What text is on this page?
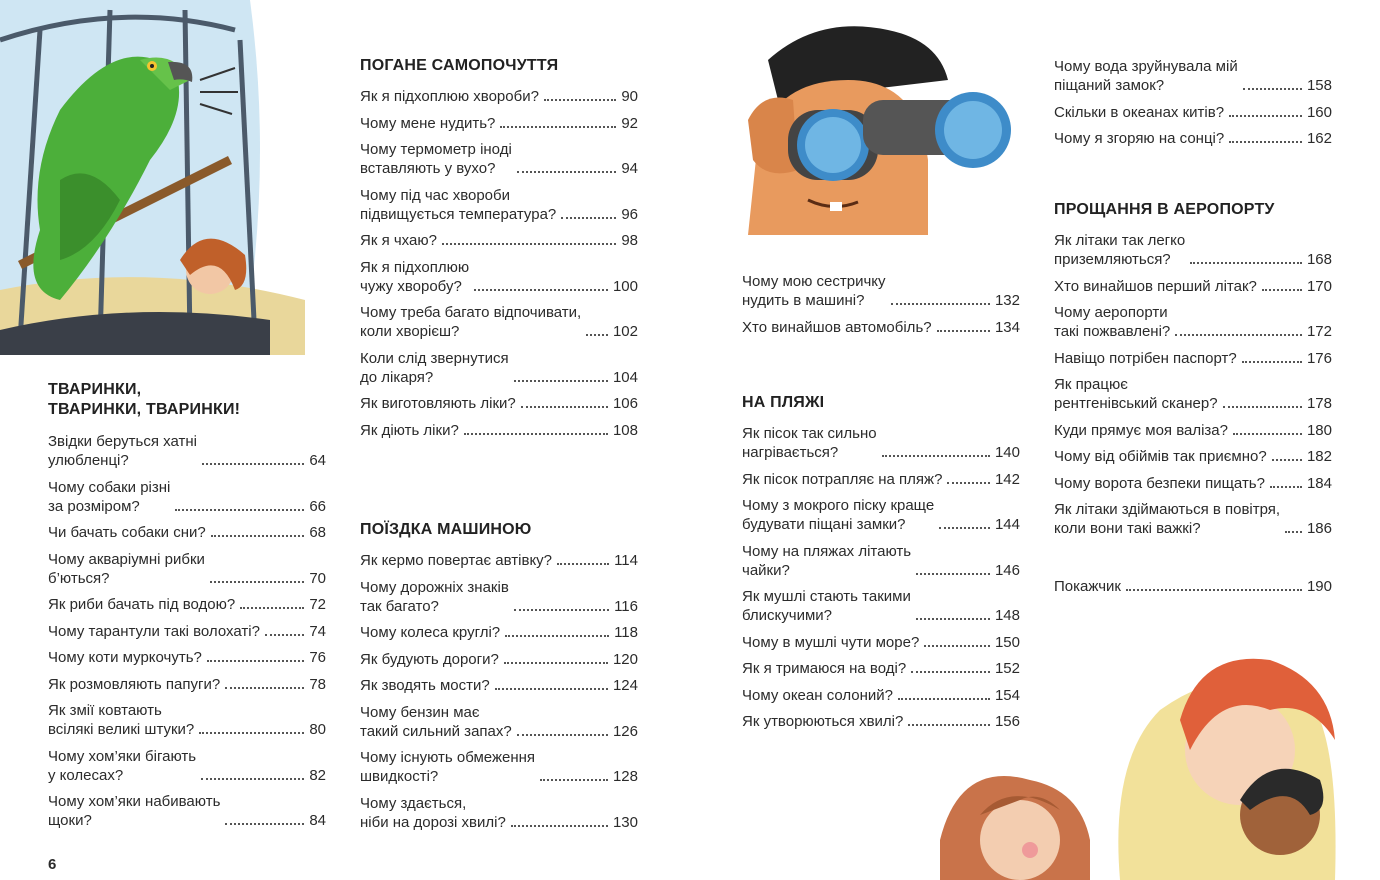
ТВАРИНКИ,
ТВАРИНКИ, ТВАРИНКИ!
Звідки беруться хатні
улюбленці?	64
Чому собаки різні
за розміром?	66
Чи бачать собаки сни?	68
Чому акваріумні рибки
б’ються?	70
Як риби бачать під водою?	72
Чому тарантули такі волохаті?	74
Чому коти муркочуть?	76
Як розмовляють папуги?	78
Як змії ковтають
всілякі великі штуки?	80
Чому хом’яки бігають
у колесах?	82
Чому хом’яки набивають
щоки?	84
ПОГАНЕ САМОПОЧУТТЯ
Як я підхоплюю хвороби?	90
Чому мене нудить?	92
Чому термометр іноді
вставляють у вухо?	94
Чому під час хвороби
підвищується температура?	96
Як я чхаю?	98
Як я підхоплюю
чужу хворобу?	100
Чому треба багато відпочивати,
коли хворієш?	102
Коли слід звернутися
до лікаря?	104
Як виготовляють ліки?	106
Як діють ліки?	108
ПОЇЗДКА МАШИНОЮ
Як кермо повертає автівку?	114
Чому дорожніх знаків
так багато?	116
Чому колеса круглі?	118
Як будують дороги?	120
Як зводять мости?	124
Чому бензин має
такий сильний запах?	126
Чому існують обмеження
швидкості?	128
Чому здається,
ніби на дорозі хвилі?	130
6
Чому мою сестричку
нудить в машині?	132
Хто винайшов автомобіль?	134
НА ПЛЯЖІ
Як пісок так сильно
нагрівається?	140
Як пісок потрапляє на пляж?	142
Чому з мокрого піску краще
будувати піщані замки?	144
Чому на пляжах літають
чайки?	146
Як мушлі стають такими
блискучими?	148
Чому в мушлі чути море?	150
Як я тримаюся на воді?	152
Чому океан солоний?	154
Як утворюються хвилі?	156
Чому вода зруйнувала мій
піщаний замок?	158
Скільки в океанах китів?	160
Чому я згоряю на сонці?	162
ПРОЩАННЯ В АЕРОПОРТУ
Як літаки так легко
приземляються?	168
Хто винайшов перший літак?	170
Чому аеропорти
такі пожвавлені?	172
Навіщо потрібен паспорт?	176
Як працює
рентгенівський сканер?	178
Куди прямує моя валіза?	180
Чому від обіймів так приємно?	182
Чому ворота безпеки пищать?	184
Як літаки здіймаються в повітря,
коли вони такі важкі?	186
Покажчик	190
